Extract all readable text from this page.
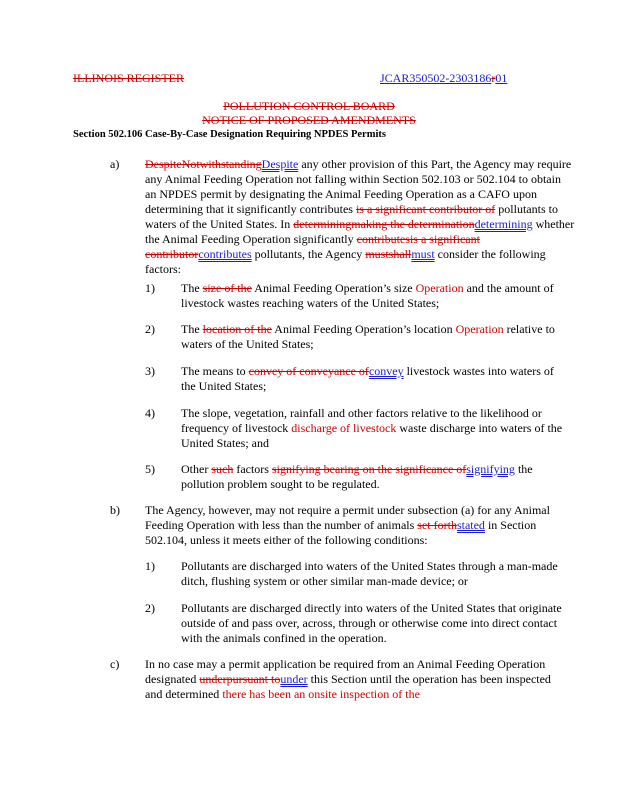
ILLINOIS REGISTER	JCAR350502-2303186r01
POLLUTION CONTROL BOARD
NOTICE OF PROPOSED AMENDMENTS
Section 502.106 Case-By-Case Designation Requiring NPDES Permits
a) DespiteNotwithstandingDespite any other provision of this Part, the Agency may require any Animal Feeding Operation not falling within Section 502.103 or 502.104 to obtain an NPDES permit by designating the Animal Feeding Operation as a CAFO upon determining that it significantly contributes is a significant contributor of pollutants to waters of the United States. In determiningmaking the determinationdetermining whether the Animal Feeding Operation significantly contributesis a significant contributorcontributes pollutants, the Agency mustshallmust consider the following factors:
1) The size of the Animal Feeding Operation’s size Operation and the amount of livestock wastes reaching waters of the United States;
2) The location of the Animal Feeding Operation’s location Operation relative to waters of the United States;
3) The means to convey of conveyance ofconvey livestock wastes into waters of the United States;
4) The slope, vegetation, rainfall and other factors relative to the likelihood or frequency of livestock discharge of livestock waste discharge into waters of the United States; and
5) Other such factors signifying bearing on the significance ofsignifying the pollution problem sought to be regulated.
b) The Agency, however, may not require a permit under subsection (a) for any Animal Feeding Operation with less than the number of animals set forthstated in Section 502.104, unless it meets either of the following conditions:
1) Pollutants are discharged into waters of the United States through a man-made ditch, flushing system or other similar man-made device; or
2) Pollutants are discharged directly into waters of the United States that originate outside of and pass over, across, through or otherwise come into direct contact with the animals confined in the operation.
c) In no case may a permit application be required from an Animal Feeding Operation designated underpursuant tounder this Section until the operation has been inspected and determined there has been an onsite inspection of the
